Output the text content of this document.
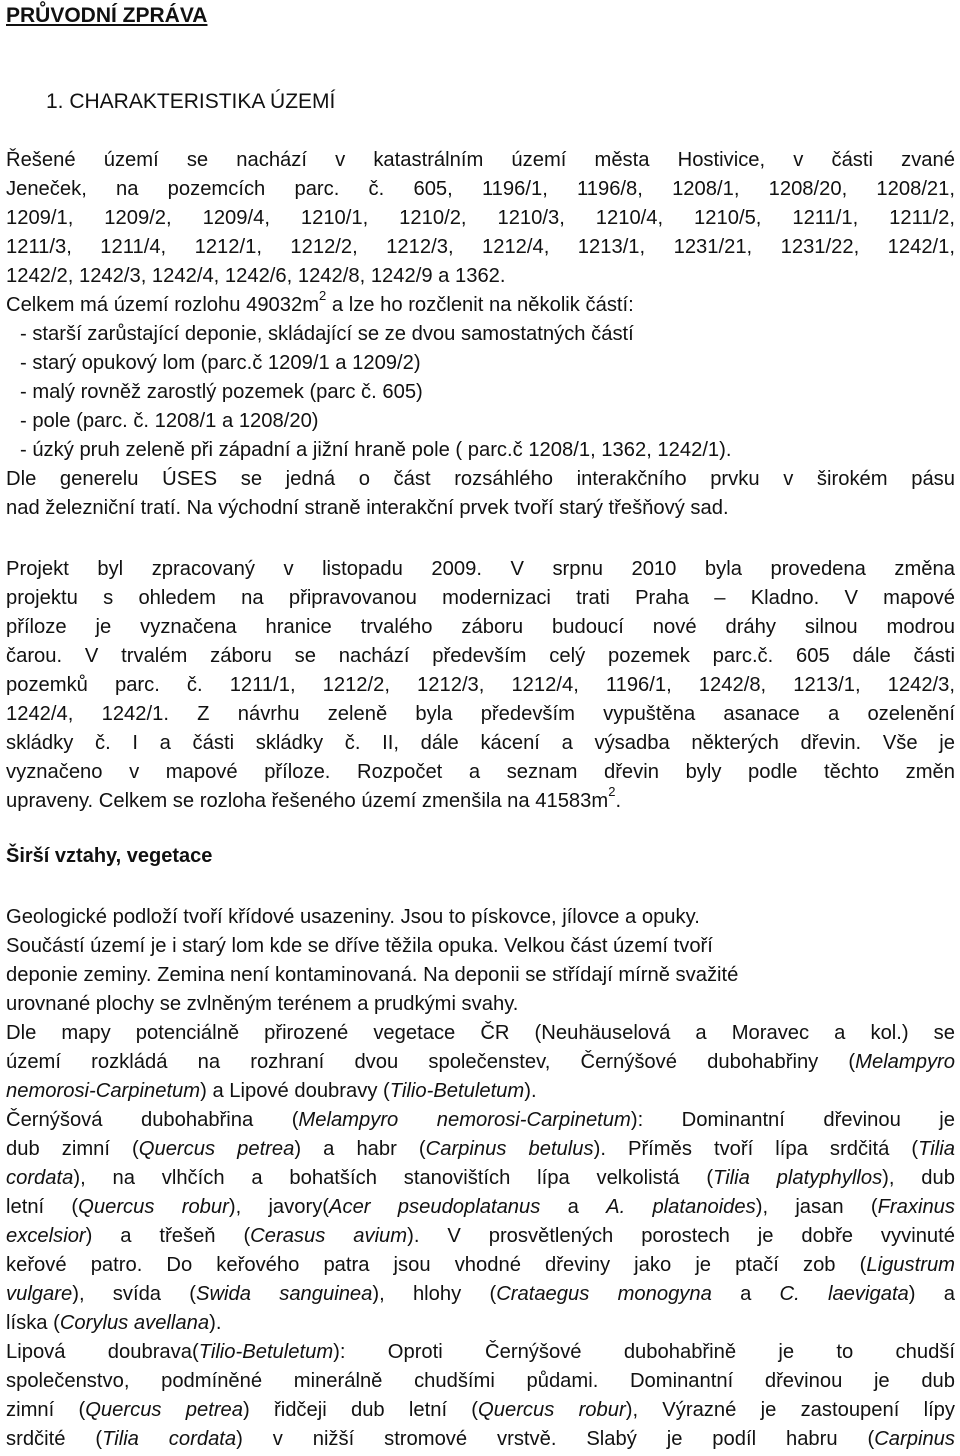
PRŮVODNÍ ZPRÁVA
1. CHARAKTERISTIKA ÚZEMÍ
Řešené území se nachází v katastrálním území města Hostivice, v části zvané
Jeneček, na pozemcích parc. č. 605, 1196/1, 1196/8, 1208/1, 1208/20, 1208/21,
1209/1, 1209/2, 1209/4, 1210/1, 1210/2, 1210/3, 1210/4, 1210/5, 1211/1, 1211/2,
1211/3, 1211/4, 1212/1, 1212/2, 1212/3, 1212/4, 1213/1, 1231/21, 1231/22, 1242/1,
1242/2, 1242/3, 1242/4, 1242/6, 1242/8, 1242/9 a 1362.
Celkem má území rozlohu $49032m^2$ a lze ho rozčlenit na několik částí:
- starší zarůstající deponie, skládající se ze dvou samostatných částí
- starý opukový lom (parc.č 1209/1 a 1209/2)
- malý rovněž zarostlý pozemek (parc č. 605)
- pole (parc. č. 1208/1 a 1208/20)
- úzký pruh zeleně při západní a jižní hraně pole ( parc.č 1208/1, 1362, 1242/1).
Dle generelu ÚSES se jedná o část rozsáhlého interakčního prvku v širokém pásu
nad železniční tratí. Na východní straně interakční prvek tvoří starý třešňový sad.
Projekt byl zpracovaný v listopadu 2009. V srpnu 2010 byla provedena změna
projektu s ohledem na připravovanou modernizaci trati Praha – Kladno. V mapové
příloze je vyznačena hranice trvalého záboru budoucí nové dráhy silnou modrou
čarou. V trvalém záboru se nachází především celý pozemek parc.č. 605 dále části
pozemků parc. č. 1211/1, 1212/2, 1212/3, 1212/4, 1196/1, 1242/8, 1213/1, 1242/3,
1242/4, 1242/1. Z návrhu zeleně byla především vypuštěna asanace a ozelenění
skládky č. I a části skládky č. II, dále kácení a výsadba některých dřevin. Vše je
vyznačeno v mapové příloze. Rozpočet a seznam dřevin byly podle těchto změn
upraveny. Celkem se rozloha řešeného území zmenšila na $41583m^2$.
Širší vztahy, vegetace
Geologické podloží tvoří křídové usazeniny. Jsou to pískovce, jílovce a opuky.
Součástí území je i starý lom kde se dříve těžila opuka. Velkou část území tvoří
deponie zeminy. Zemina není kontaminovaná. Na deponii se střídají mírně svažité
urovnané plochy se zvlněným terénem a prudkými svahy.
Dle mapy potenciálně přirozené vegetace ČR (Neuhäuselová a Moravec a kol.) se
území rozkládá na rozhraní dvou společenstev, Černýšové dubohabřiny (Melampyro
nemorosi-Carpinetum) a Lipové doubravy (Tilio-Betuletum).
Černýšová dubohabřina (Melampyro nemorosi-Carpinetum): Dominantní dřevinou je
dub zimní (Quercus petrea) a habr (Carpinus betulus). Příměs tvoří lípa srdčitá (Tilia
cordata), na vlhčích a bohatších stanovištích lípa velkolistá (Tilia platyphyllos), dub
letní (Quercus robur), javory(Acer pseudoplatanus a A. platanoides), jasan (Fraxinus
excelsior) a třešeň (Cerasus avium). V prosvětlených porostech je dobře vyvinuté
keřové patro. Do keřového patra jsou vhodné dřeviny jako je ptačí zob (Ligustrum
vulgare), svída (Swida sanguinea), hlohy (Crataegus monogyna a C. laevigata) a
líska (Corylus avellana).
Lipová doubrava(Tilio-Betuletum): Oproti Černýšové dubohabřině je to chudší
společenstvo, podmíněné minerálně chudšími půdami. Dominantní dřevinou je dub
zimní (Quercus petrea) řidčeji dub letní (Quercus robur), Výrazné je zastoupení lípy
srdčité (Tilia cordata) v nižší stromové vrstvě. Slabý je podíl habru (Carpinus
